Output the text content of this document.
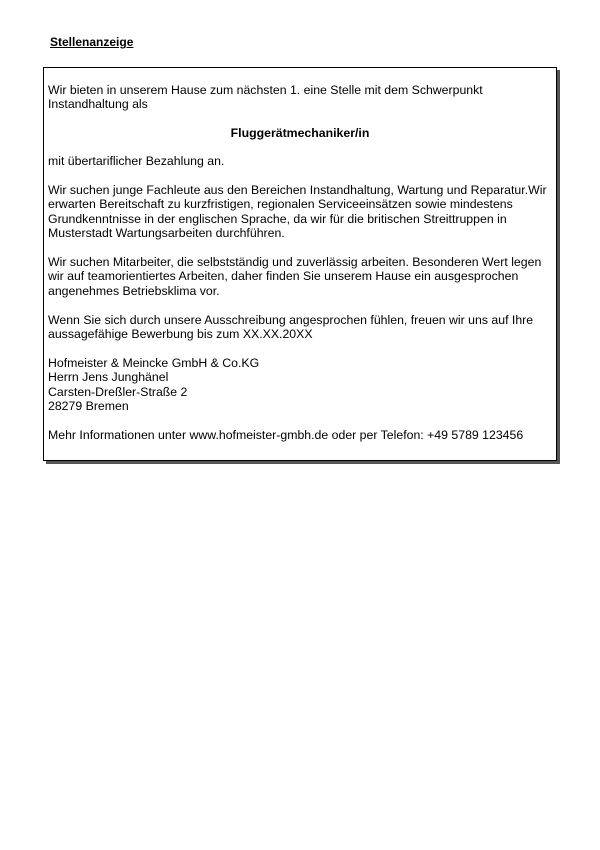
Stellenanzeige

Wir bieten in unserem Hause zum nächsten 1. eine Stelle mit dem Schwerpunkt Instandhaltung als

Fluggerätmechaniker/in

mit übertariflicher Bezahlung an.

Wir suchen junge Fachleute aus den Bereichen Instandhaltung, Wartung und Reparatur.Wir erwarten Bereitschaft zu kurzfristigen, regionalen Serviceeinsätzen sowie mindestens Grundkenntnisse in der englischen Sprache, da wir für die britischen Streittruppen in Musterstadt Wartungsarbeiten durchführen.

Wir suchen Mitarbeiter, die selbstständig und zuverlässig arbeiten. Besonderen Wert legen wir auf teamorientiertes Arbeiten, daher finden Sie unserem Hause ein ausgesprochen angenehmes Betriebsklima vor.

Wenn Sie sich durch unsere Ausschreibung angesprochen fühlen, freuen wir uns auf Ihre aussagefähige Bewerbung bis zum XX.XX.20XX

Hofmeister & Meincke GmbH & Co.KG
Herrn Jens Junghänel
Carsten-Dreßler-Straße 2
28279 Bremen

Mehr Informationen unter www.hofmeister-gmbh.de oder per Telefon: +49 5789 123456
